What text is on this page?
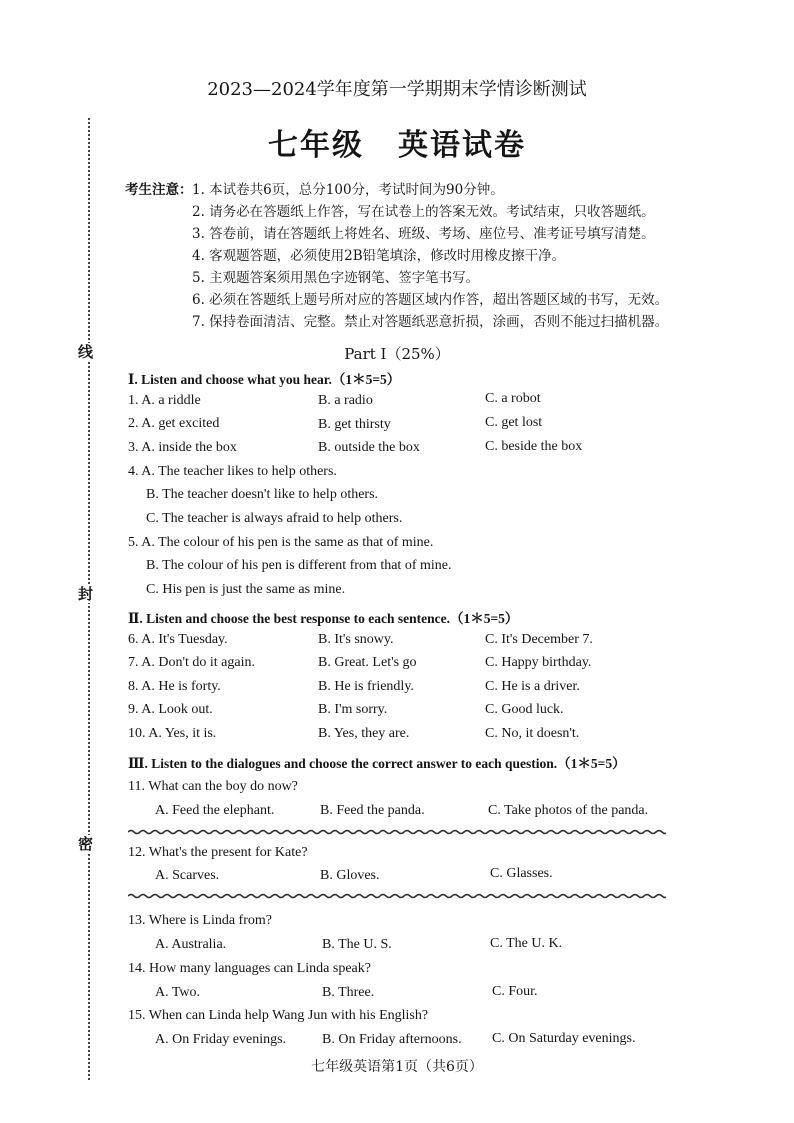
线
封
密
2023—2024学年度第一学期期末学情诊断测试
七年级 英语试卷
考生注意： 1. 本试卷共6页，总分100分，考试时间为90分钟。
2. 请务必在答题纸上作答，写在试卷上的答案无效。考试结束，只收答题纸。
3. 答卷前，请在答题纸上将姓名、班级、考场、座位号、准考证号填写清楚。
4. 客观题答题，必须使用2B铅笔填涂，修改时用橡皮擦干净。
5. 主观题答案须用黑色字迹钢笔、签字笔书写。
6. 必须在答题纸上题号所对应的答题区域内作答，超出答题区域的书写，无效。
7. 保持卷面清洁、完整。禁止对答题纸恶意折损，涂画，否则不能过扫描机器。
Part Ⅰ（25%）
Ⅰ. Listen and choose what you hear.（1＊5=5）
1. A. a riddle	B. a radio	C. a robot
2. A. get excited	B. get thirsty	C. get lost
3. A. inside the box	B. outside the box	C. beside the box
4. A. The teacher likes to help others.
B. The teacher doesn't like to help others.
C. The teacher is always afraid to help others.
5. A. The colour of his pen is the same as that of mine.
B. The colour of his pen is different from that of mine.
C. His pen is just the same as mine.
Ⅱ. Listen and choose the best response to each sentence.（1＊5=5）
6. A. It's Tuesday.	B. It's snowy.	C. It's December 7.
7. A. Don't do it again.	B. Great. Let's go	C. Happy birthday.
8. A. He is forty.	B. He is friendly.	C. He is a driver.
9. A. Look out.	B. I'm sorry.	C. Good luck.
10. A. Yes, it is.	B. Yes, they are.	C. No, it doesn't.
Ⅲ. Listen to the dialogues and choose the correct answer to each question.（1＊5=5）
11. What can the boy do now?
A. Feed the elephant.	B. Feed the panda.	C. Take photos of the panda.
12. What's the present for Kate?
A. Scarves.	B. Gloves.	C. Glasses.
13. Where is Linda from?
A. Australia.	B. The U. S.	C. The U. K.
14. How many languages can Linda speak?
A. Two.	B. Three.	C. Four.
15. When can Linda help Wang Jun with his English?
A. On Friday evenings.	B. On Friday afternoons. C. On Saturday evenings.
七年级英语第1页（共6页）
